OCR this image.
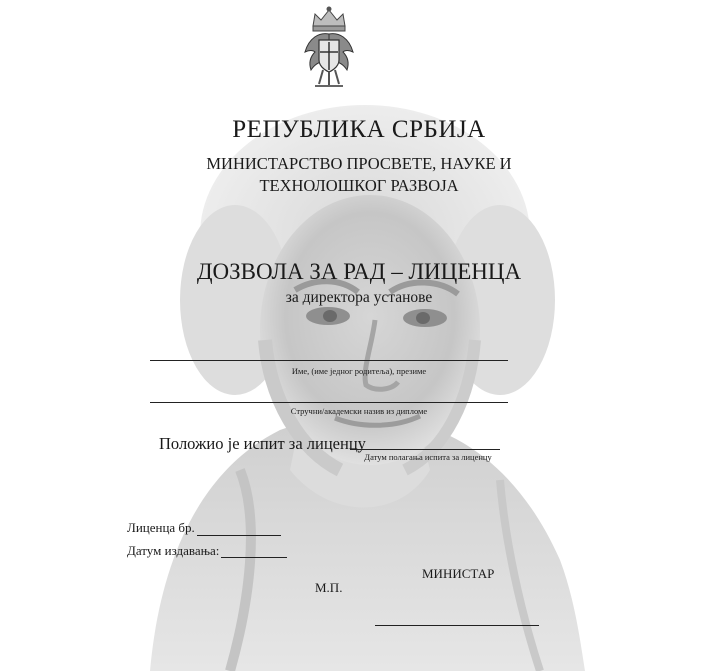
РЕПУБЛИКА СРБИЈА
МИНИСТАРСТВО ПРОСВЕТЕ, НАУКЕ И
ТЕХНОЛОШКОГ РАЗВОЈА
ДОЗВОЛА ЗА РАД – ЛИЦЕНЦА
за директора установе
Име, (име једног родитеља), презиме
Стручни/академски назив из дипломе
Положио је испит за лиценцу
Датум полагања испита за лиценцу
Лиценца бр.
Датум издавања:
МИНИСТАР
М.П.
